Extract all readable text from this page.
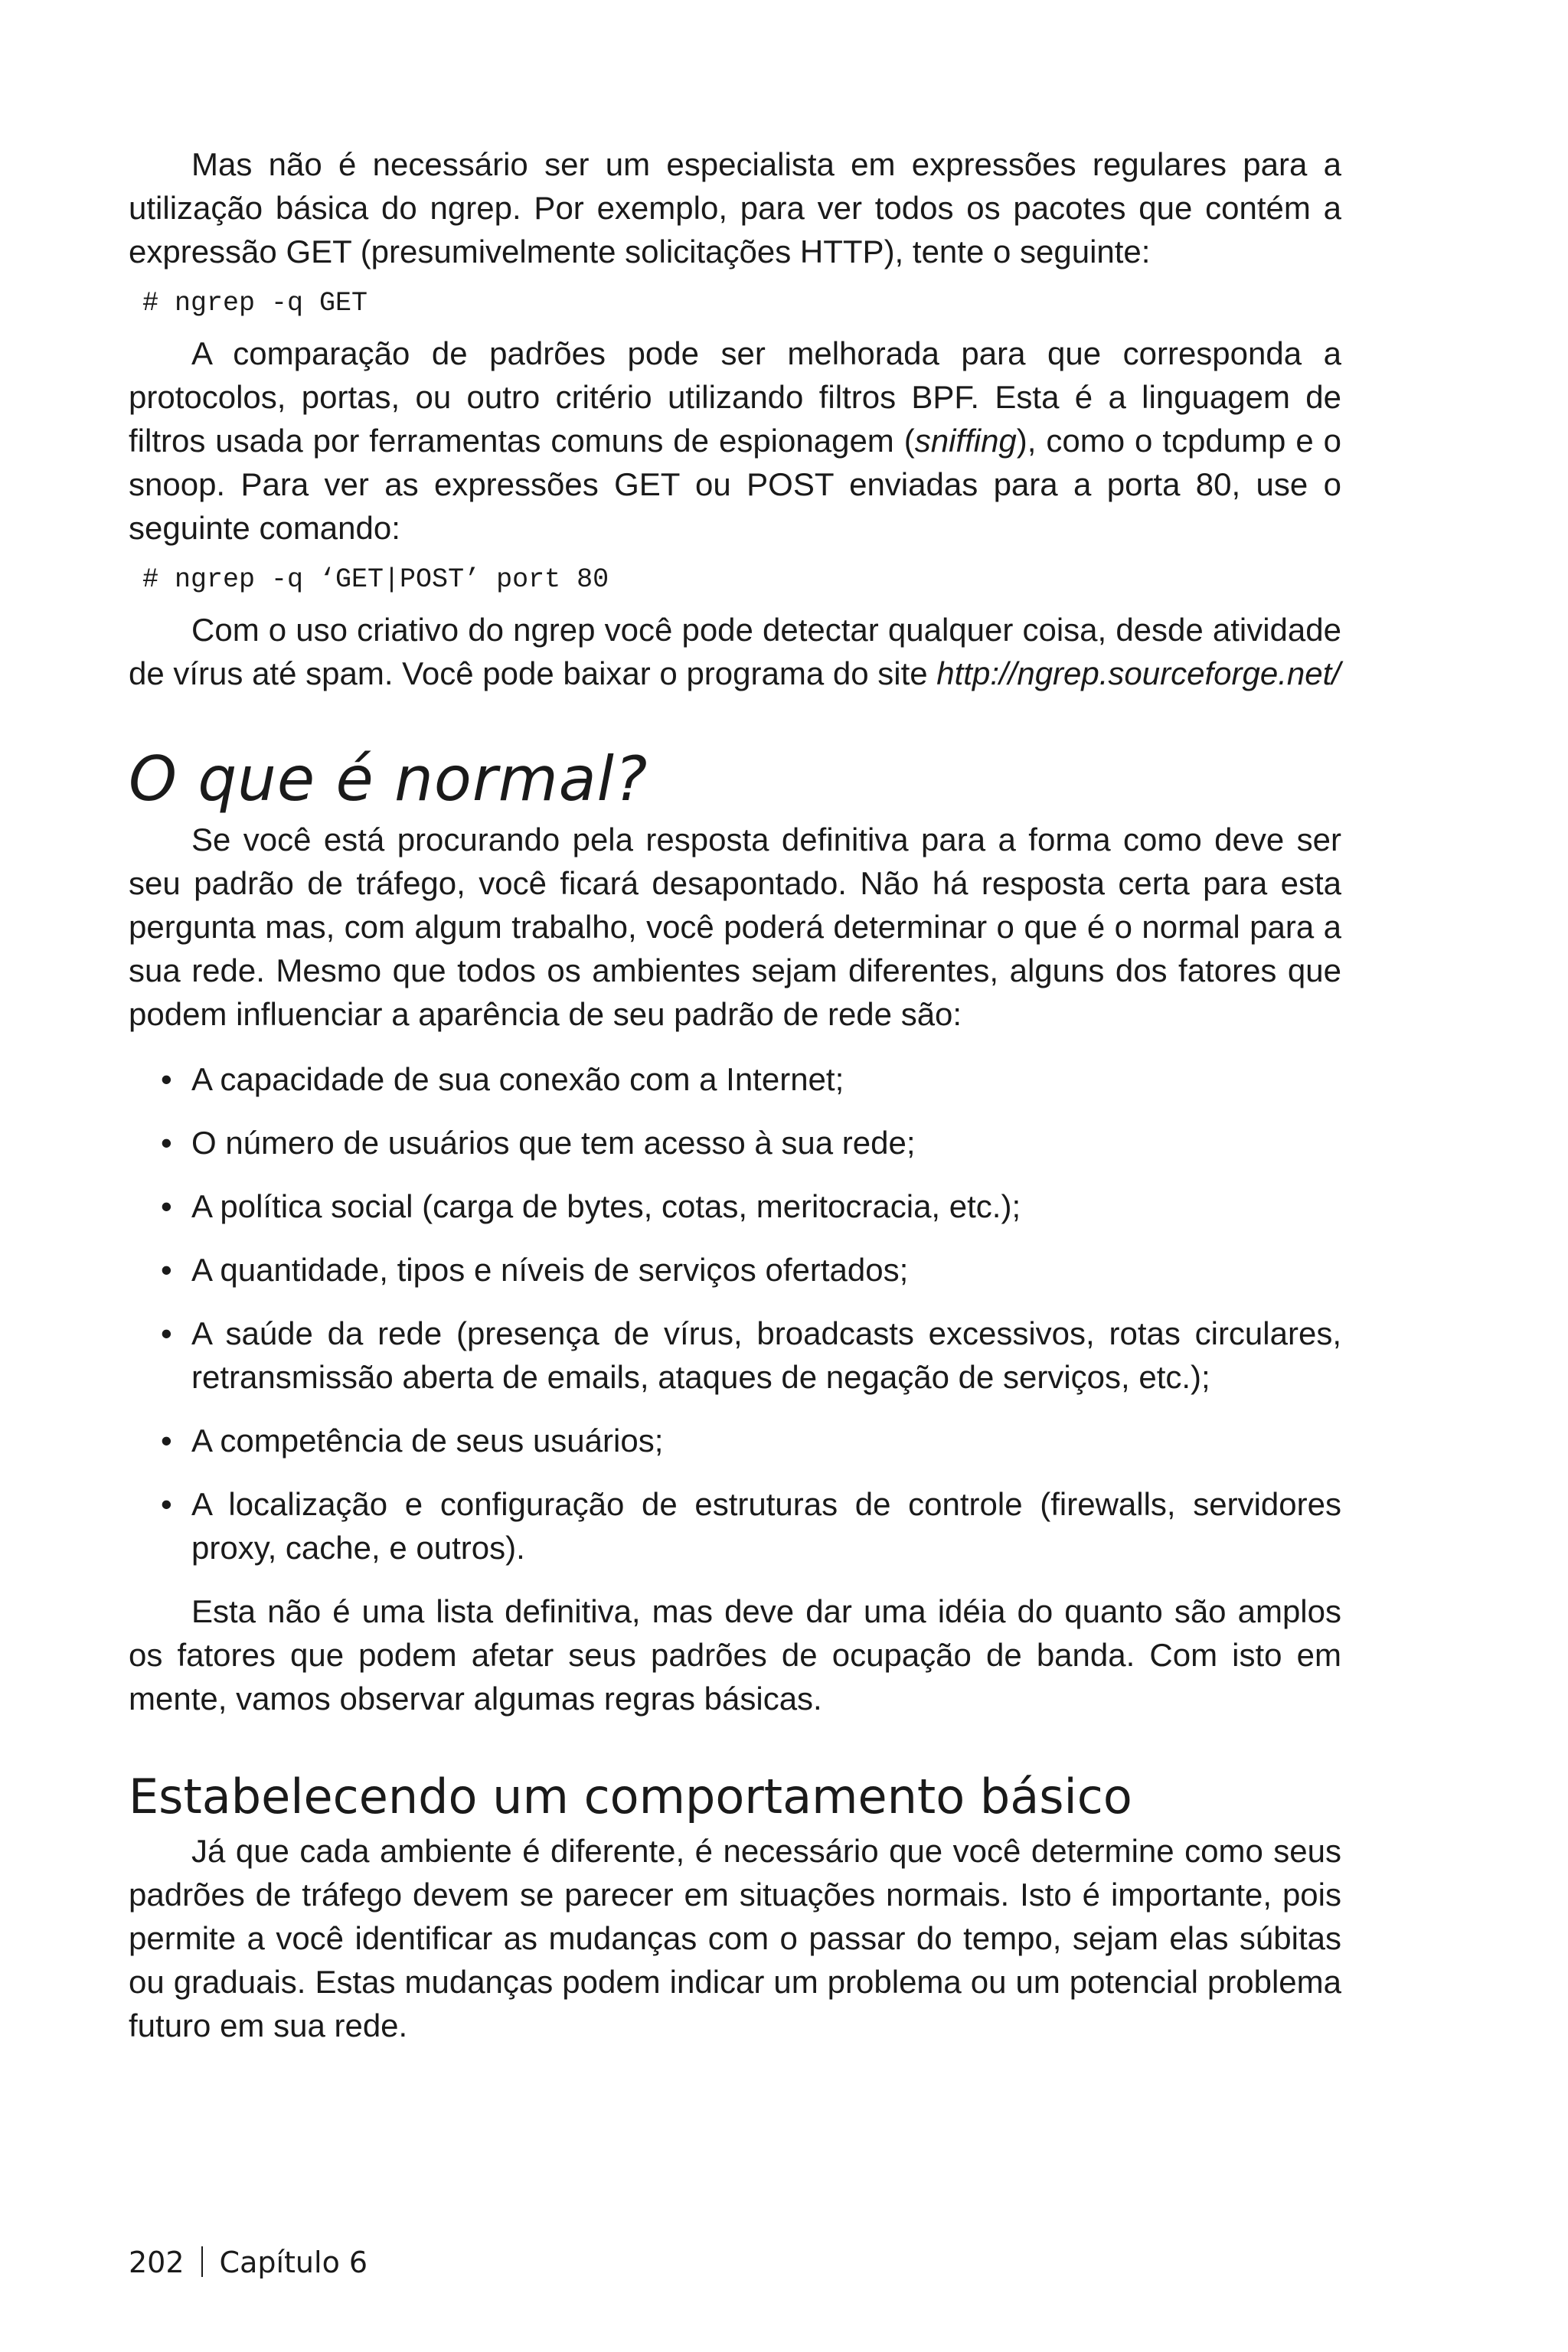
Mas não é necessário ser um especialista em expressões regulares para a utilização básica do ngrep. Por exemplo, para ver todos os pacotes que contém a expressão GET (presumivelmente solicitações HTTP), tente o seguinte:

# ngrep -q GET

A comparação de padrões pode ser melhorada para que corresponda a protocolos, portas, ou outro critério utilizando filtros BPF. Esta é a linguagem de filtros usada por ferramentas comuns de espionagem (sniffing), como o tcpdump e o snoop. Para ver as expressões GET ou POST enviadas para a porta 80, use o seguinte comando:

# ngrep -q ‘GET|POST’ port 80

Com o uso criativo do ngrep você pode detectar qualquer coisa, desde atividade de vírus até spam. Você pode baixar o programa do site http://ngrep.sourceforge.net/

O que é normal?

Se você está procurando pela resposta definitiva para a forma como deve ser seu padrão de tráfego, você ficará desapontado. Não há resposta certa para esta pergunta mas, com algum trabalho, você poderá determinar o que é o normal para a sua rede. Mesmo que todos os ambientes sejam diferentes, alguns dos fatores que podem influenciar a aparência de seu padrão de rede são:

• A capacidade de sua conexão com a Internet;
• O número de usuários que tem acesso à sua rede;
• A política social (carga de bytes, cotas, meritocracia, etc.);
• A quantidade, tipos e níveis de serviços ofertados;
• A saúde da rede (presença de vírus, broadcasts excessivos, rotas circulares, retransmissão aberta de emails, ataques de negação de serviços, etc.);
• A competência de seus usuários;
• A localização e configuração de estruturas de controle (firewalls, servidores proxy, cache, e outros).

Esta não é uma lista definitiva, mas deve dar uma idéia do quanto são amplos os fatores que podem afetar seus padrões de ocupação de banda. Com isto em mente, vamos observar algumas regras básicas.

Estabelecendo um comportamento básico

Já que cada ambiente é diferente, é necessário que você determine como seus padrões de tráfego devem se parecer em situações normais. Isto é importante, pois permite a você identificar as mudanças com o passar do tempo, sejam elas súbitas ou graduais. Estas mudanças podem indicar um problema ou um potencial problema futuro em sua rede.

202 Capítulo 6
